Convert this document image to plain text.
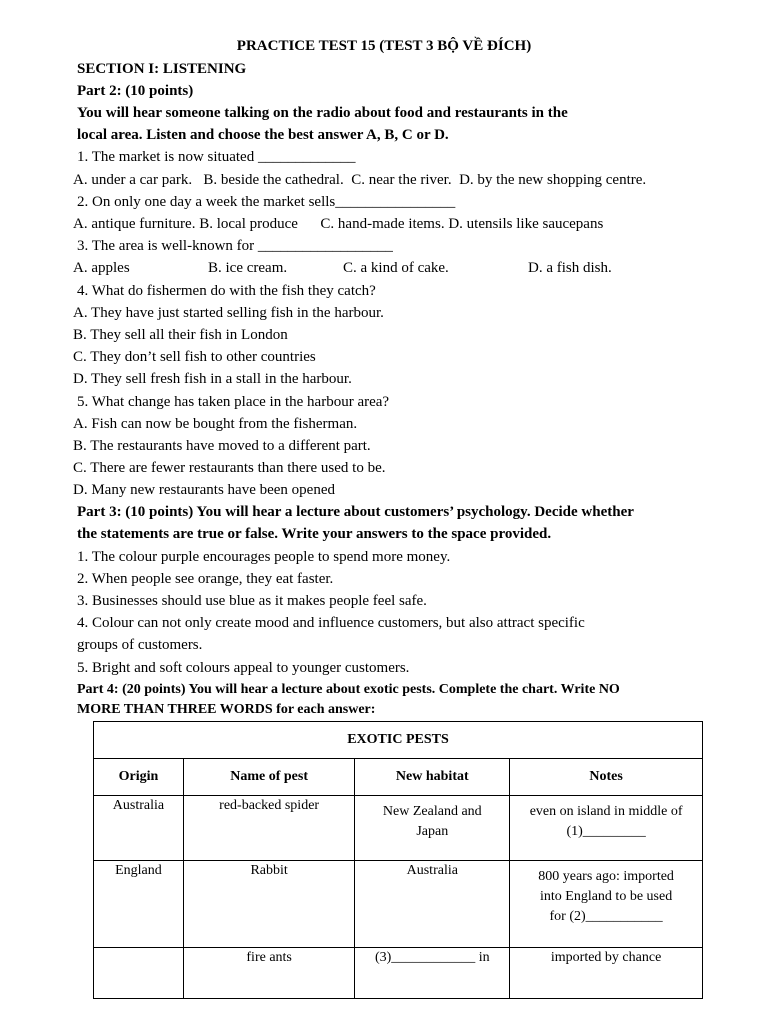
PRACTICE TEST 15 (TEST 3 BỘ VỀ ĐÍCH)
SECTION I: LISTENING
Part 2: (10 points)
You will hear someone talking on the radio about food and restaurants in the
local area. Listen and choose the best answer A, B, C or D.
1. The market is now situated _____________
A. under a car park.   B. beside the cathedral.  C. near the river.  D. by the new shopping centre.
2. On only one day a week the market sells________________
A. antique furniture. B. local produce      C. hand-made items. D. utensils like saucepans
3. The area is well-known for __________________
A. apples	B. ice cream.	C. a kind of cake.	D. a fish dish.
4. What do fishermen do with the fish they catch?
A. They have just started selling fish in the harbour.
B. They sell all their fish in London
C. They don’t sell fish to other countries
D. They sell fresh fish in a stall in the harbour.
5. What change has taken place in the harbour area?
A. Fish can now be bought from the fisherman.
B. The restaurants have moved to a different part.
C. There are fewer restaurants than there used to be.
D. Many new restaurants have been opened
Part 3: (10 points) You will hear a lecture about customers’ psychology. Decide whether
the statements are true or false. Write your answers to the space provided.
1. The colour purple encourages people to spend more money.
2. When people see orange, they eat faster.
3. Businesses should use blue as it makes people feel safe.
4. Colour can not only create mood and influence customers, but also attract specific
groups of customers.
5. Bright and soft colours appeal to younger customers.
Part 4: (20 points) You will hear a lecture about exotic pests. Complete the chart. Write NO
MORE THAN THREE WORDS for each answer:
EXOTIC PESTS			
Origin	Name of pest	New habitat	Notes
Australia	red-backed spider	New Zealand and Japan	even on island in middle of (1)_________
England	Rabbit	Australia	800 years ago: imported into England to be used for (2)___________
	fire ants	(3)____________ in	imported by chance
